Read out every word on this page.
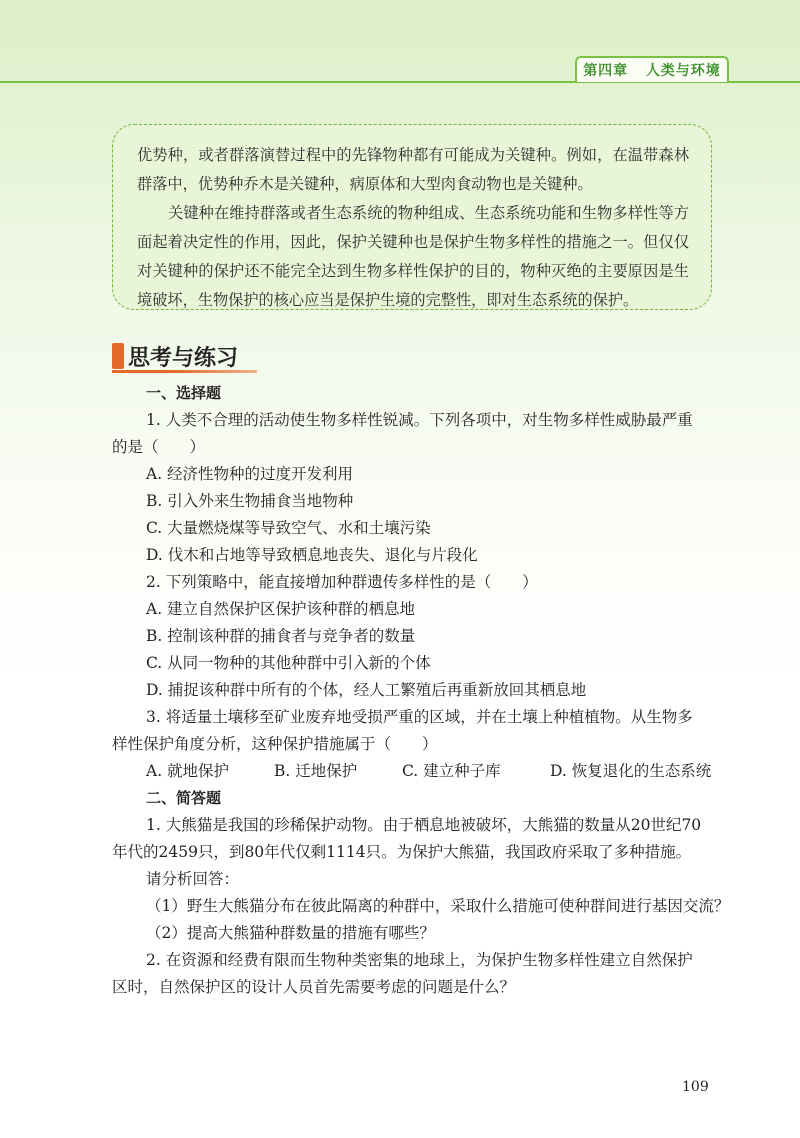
第四章
人类与环境

优势种，或者群落演替过程中的先锋物种都有可能成为关键种。例如，在温带森林群落中，优势种乔木是关键种，病原体和大型肉食动物也是关键种。

关键种在维持群落或者生态系统的物种组成、生态系统功能和生物多样性等方面起着决定性的作用，因此，保护关键种也是保护生物多样性的措施之一。但仅仅对关键种的保护还不能完全达到生物多样性保护的目的，物种灭绝的主要原因是生境破坏，生物保护的核心应当是保护生境的完整性，即对生态系统的保护。

思考与练习
一、选择题
1. 人类不合理的活动使生物多样性锐减。下列各项中，对生物多样性威胁最严重
的是（　　）
A. 经济性物种的过度开发利用
B. 引入外来生物捕食当地物种
C. 大量燃烧煤等导致空气、水和土壤污染
D. 伐木和占地等导致栖息地丧失、退化与片段化
2. 下列策略中，能直接增加种群遗传多样性的是（　　）
A. 建立自然保护区保护该种群的栖息地
B. 控制该种群的捕食者与竞争者的数量
C. 从同一物种的其他种群中引入新的个体
D. 捕捉该种群中所有的个体，经人工繁殖后再重新放回其栖息地
3. 将适量土壤移至矿业废弃地受损严重的区域，并在土壤上种植植物。从生物多
样性保护角度分析，这种保护措施属于（　　）
A. 就地保护	B. 迁地保护	C. 建立种子库	D. 恢复退化的生态系统
二、简答题
1. 大熊猫是我国的珍稀保护动物。由于栖息地被破坏，大熊猫的数量从20世纪70
年代的2459只，到80年代仅剩1114只。为保护大熊猫，我国政府采取了多种措施。
请分析回答：
（1）野生大熊猫分布在彼此隔离的种群中，采取什么措施可使种群间进行基因交流？
（2）提高大熊猫种群数量的措施有哪些？
2. 在资源和经费有限而生物种类密集的地球上，为保护生物多样性建立自然保护
区时，自然保护区的设计人员首先需要考虑的问题是什么？
109
